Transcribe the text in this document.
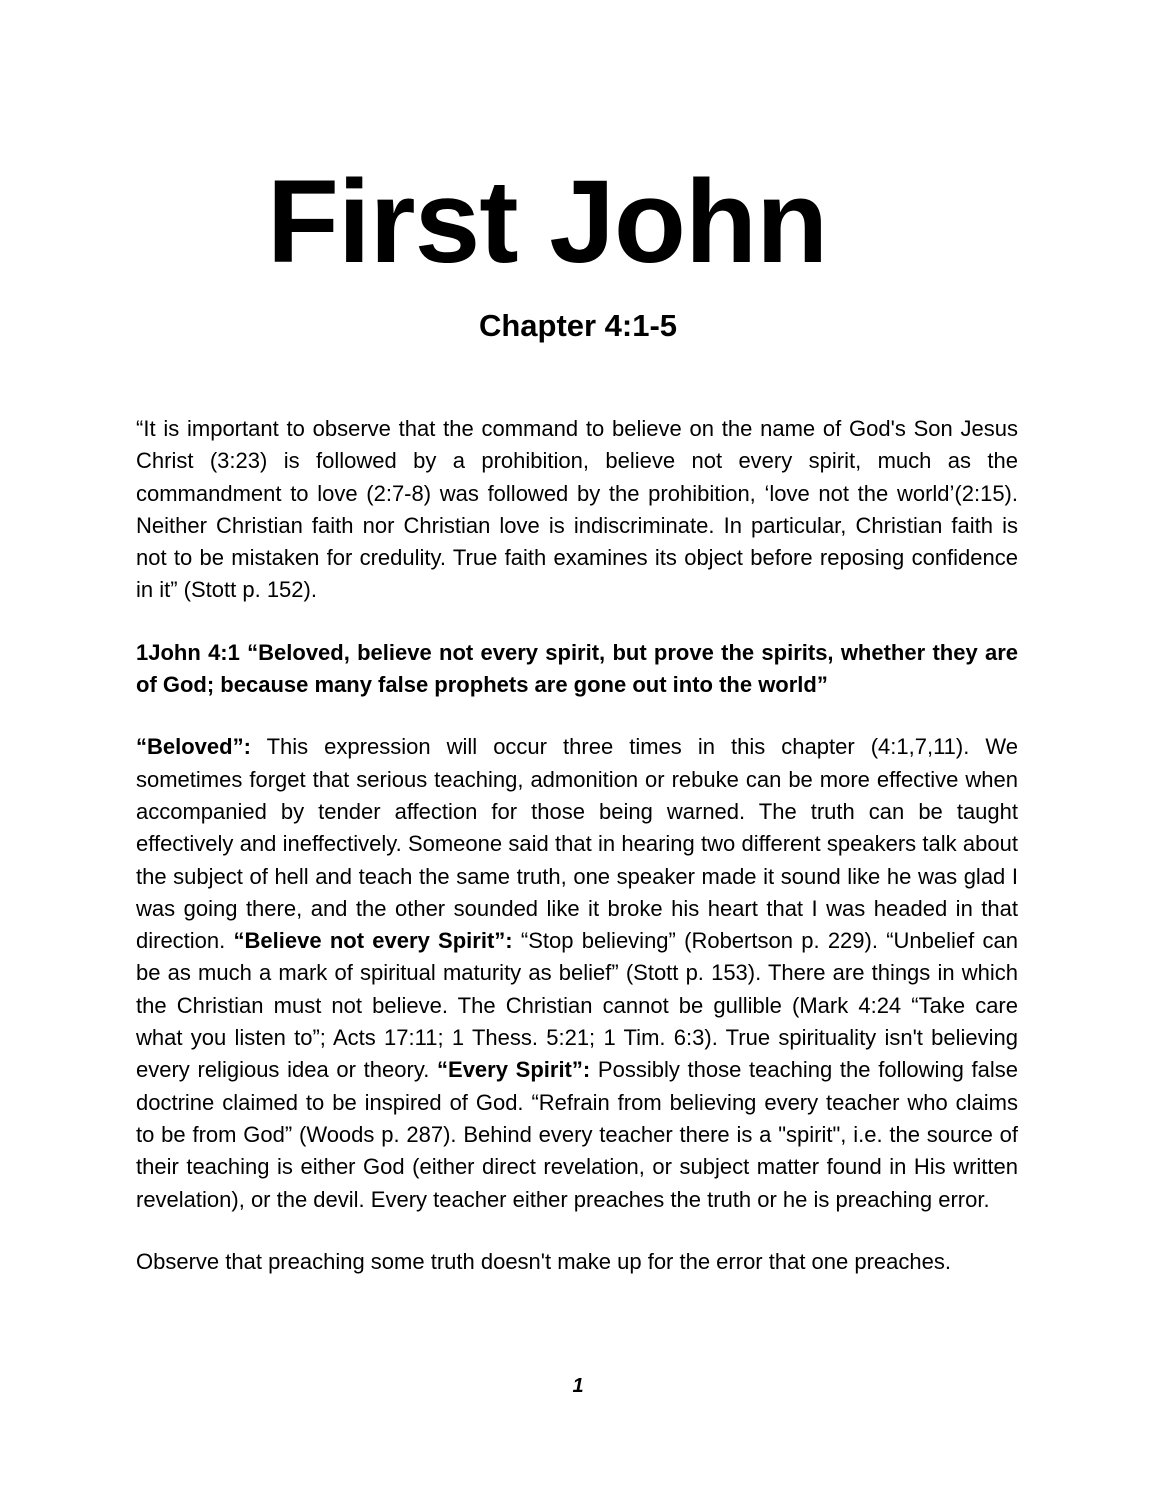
First John
Chapter 4:1-5

“It is important to observe that the command to believe on the name of God's Son Jesus Christ (3:23) is followed by a prohibition, believe not every spirit, much as the commandment to love (2:7-8) was followed by the prohibition, ‘love not the world’(2:15). Neither Christian faith nor Christian love is indiscriminate. In particular, Christian faith is not to be mistaken for credulity. True faith examines its object before reposing confidence in it” (Stott p. 152).

1John 4:1 “Beloved, believe not every spirit, but prove the spirits, whether they are of God; because many false prophets are gone out into the world”

“Beloved”: This expression will occur three times in this chapter (4:1,7,11). We sometimes forget that serious teaching, admonition or rebuke can be more effective when accompanied by tender affection for those being warned. The truth can be taught effectively and ineffectively. Someone said that in hearing two different speakers talk about the subject of hell and teach the same truth, one speaker made it sound like he was glad I was going there, and the other sounded like it broke his heart that I was headed in that direction. “Believe not every Spirit”: “Stop believing” (Robertson p. 229). “Unbelief can be as much a mark of spiritual maturity as belief” (Stott p. 153). There are things in which the Christian must not believe. The Christian cannot be gullible (Mark 4:24 “Take care what you listen to”; Acts 17:11; 1 Thess. 5:21; 1 Tim. 6:3). True spirituality isn't believing every religious idea or theory. “Every Spirit”: Possibly those teaching the following false doctrine claimed to be inspired of God. “Refrain from believing every teacher who claims to be from God” (Woods p. 287). Behind every teacher there is a "spirit", i.e. the source of their teaching is either God (either direct revelation, or subject matter found in His written revelation), or the devil. Every teacher either preaches the truth or he is preaching error.

Observe that preaching some truth doesn't make up for the error that one preaches.

1
